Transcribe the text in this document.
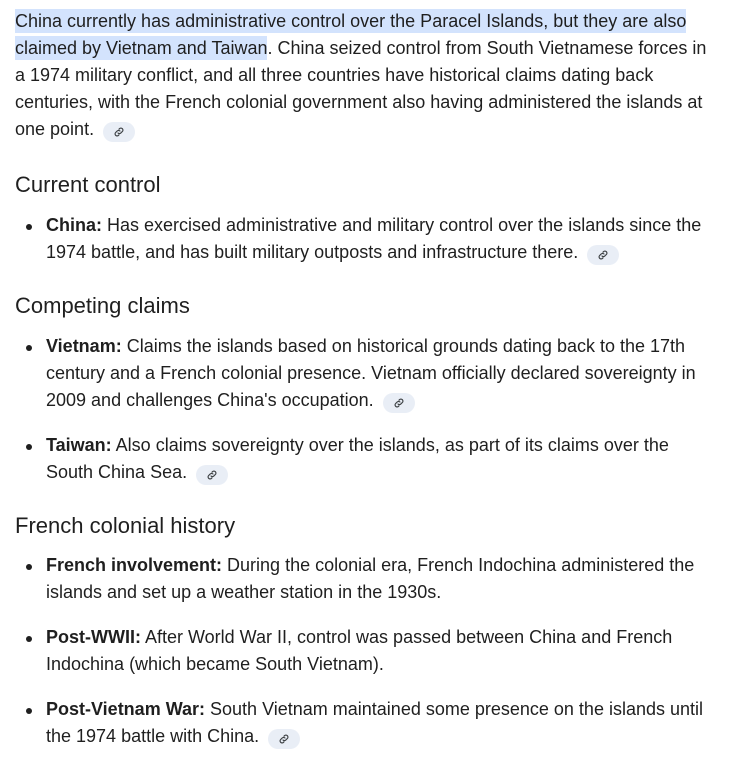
China currently has administrative control over the Paracel Islands, but they are also claimed by Vietnam and Taiwan. China seized control from South Vietnamese forces in a 1974 military conflict, and all three countries have historical claims dating back centuries, with the French colonial government also having administered the islands at one point.

Current control
China: Has exercised administrative and military control over the islands since the 1974 battle, and has built military outposts and infrastructure there.
Competing claims
Vietnam: Claims the islands based on historical grounds dating back to the 17th century and a French colonial presence. Vietnam officially declared sovereignty in 2009 and challenges China's occupation.
Taiwan: Also claims sovereignty over the islands, as part of its claims over the South China Sea.
French colonial history
French involvement: During the colonial era, French Indochina administered the islands and set up a weather station in the 1930s.
Post-WWII: After World War II, control was passed between China and French Indochina (which became South Vietnam).
Post-Vietnam War: South Vietnam maintained some presence on the islands until the 1974 battle with China.
